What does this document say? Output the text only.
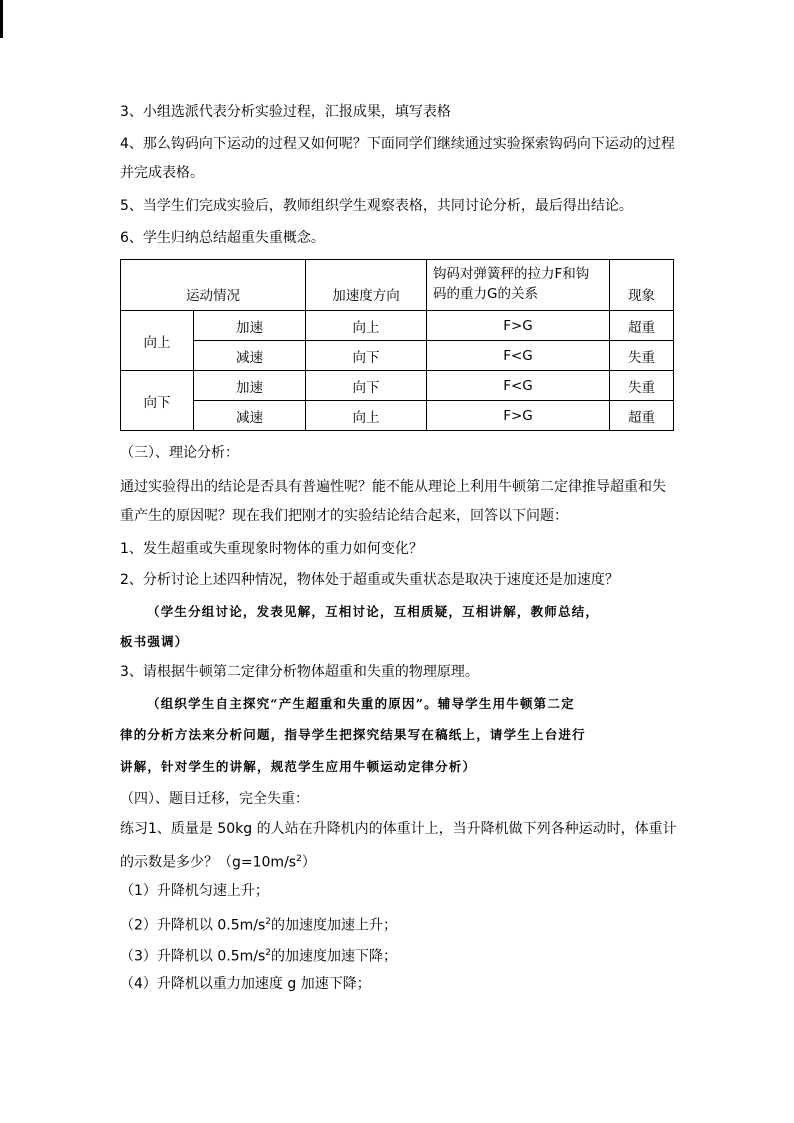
3、小组选派代表分析实验过程，汇报成果，填写表格
4、那么钩码向下运动的过程又如何呢？下面同学们继续通过实验探索钩码向下运动的过程
并完成表格。
5、当学生们完成实验后，教师组织学生观察表格，共同讨论分析，最后得出结论。
6、学生归纳总结超重失重概念。
运动情况		加速度方向	钩码对弹簧秤的拉力F和钩
码的重力G的关系	现象
向上	加速	向上	F>G	超重
	减速	向下	F<G	失重
向下	加速	向下	F<G	失重
	减速	向上	F>G	超重
（三）、理论分析：
通过实验得出的结论是否具有普遍性呢？能不能从理论上利用牛顿第二定律推导超重和失
重产生的原因呢？现在我们把刚才的实验结论结合起来，回答以下问题：
1、发生超重或失重现象时物体的重力如何变化？
2、分析讨论上述四种情况，物体处于超重或失重状态是取决于速度还是加速度？
（学生分组讨论，发表见解，互相讨论，互相质疑，互相讲解，教师总结，
板书强调）
3、请根据牛顿第二定律分析物体超重和失重的物理原理。
（组织学生自主探究“产生超重和失重的原因”。辅导学生用牛顿第二定
律的分析方法来分析问题，指导学生把探究结果写在稿纸上，请学生上台进行
讲解，针对学生的讲解，规范学生应用牛顿运动定律分析）
（四）、题目迁移，完全失重：
练习1、质量是 50kg 的人站在升降机内的体重计上，当升降机做下列各种运动时，体重计
的示数是多少？$(g=10m/s^2)$
（1）升降机匀速上升；
（2）升降机以 $0.5m/s^2$的加速度加速上升；
（3）升降机以 $0.5m/s^2$的加速度加速下降；
（4）升降机以重力加速度 g 加速下降；
